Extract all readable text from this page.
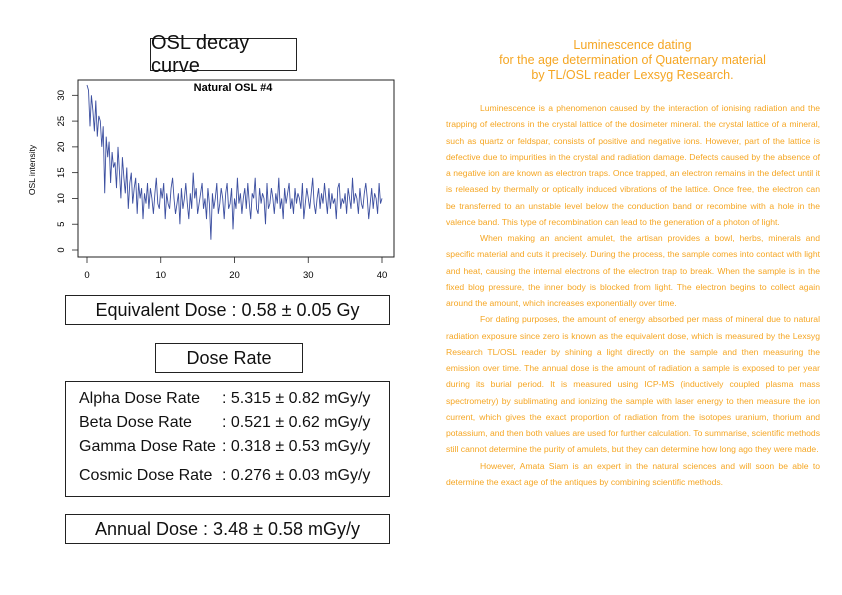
OSL decay curve
Natural OSL #4
OSL intensity
0	10	20	30	40
0
5
10
15
20
25
30
Equivalent Dose : 0.58 ± 0.05 Gy
Dose Rate
Alpha Dose Rate	: 5.315 ± 0.82 mGy/y
Beta Dose Rate	: 0.521 ± 0.62 mGy/y
Gamma Dose Rate : 0.318 ± 0.53 mGy/y
Cosmic Dose Rate : 0.276 ± 0.03 mGy/y
Annual Dose : 3.48 ± 0.58 mGy/y
Luminescence dating
for the age determination of Quaternary material
by TL/OSL reader Lexsyg Research.

Luminescence is a phenomenon caused by the interaction of ionising radiation and the trapping of electrons in the crystal lattice of the dosimeter mineral. the crystal lattice of a mineral, such as quartz or feldspar, consists of positive and negative ions. However, part of the lattice is defective due to impurities in the crystal and radiation damage. Defects caused by the absence of a negative ion are known as electron traps. Once trapped, an electron remains in the defect until it is released by thermally or optically induced vibrations of the lattice. Once free, the electron can be transferred to an unstable level below the conduction band or recombine with a hole in the valence band. This type of recombination can lead to the generation of a photon of light.

When making an ancient amulet, the artisan provides a bowl, herbs, minerals and specific material and cuts it precisely. During the process, the sample comes into contact with light and heat, causing the internal electrons of the electron trap to break. When the sample is in the fixed blog pressure, the inner body is blocked from light. The electron begins to collect again around the amount, which increases exponentially over time.

For dating purposes, the amount of energy absorbed per mass of mineral due to natural radiation exposure since zero is known as the equivalent dose, which is measured by the Lexsyg Research TL/OSL reader by shining a light directly on the sample and then measuring the emission over time. The annual dose is the amount of radiation a sample is exposed to per year during its burial period. It is measured using ICP-MS (inductively coupled plasma mass spectrometry) by sublimating and ionizing the sample with laser energy to then measure the ion current, which gives the exact proportion of radiation from the isotopes uranium, thorium and potassium, and then both values are used for further calculation. To summarise, scientific methods still cannot determine the purity of amulets, but they can determine how long ago they were made.

However, Amata Siam is an expert in the natural sciences and will soon be able to determine the exact age of the antiques by combining scientific methods.
